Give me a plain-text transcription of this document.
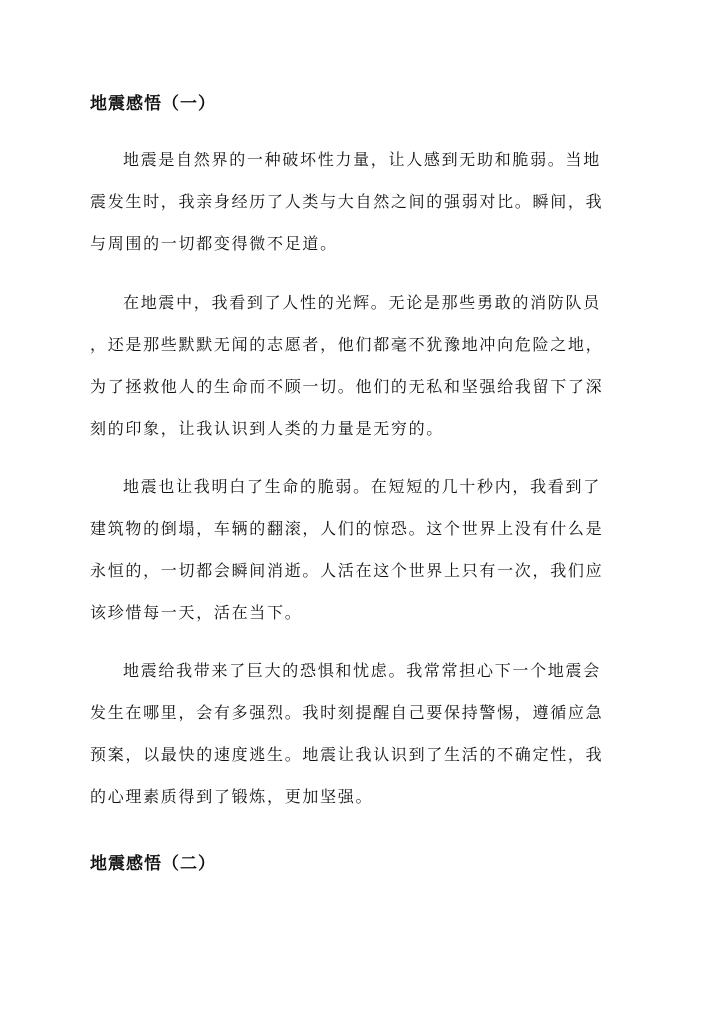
地震感悟（一）
地震是自然界的一种破坏性力量，让人感到无助和脆弱。当地
震发生时，我亲身经历了人类与大自然之间的强弱对比。瞬间，我
与周围的一切都变得微不足道。
在地震中，我看到了人性的光辉。无论是那些勇敢的消防队员
，还是那些默默无闻的志愿者，他们都毫不犹豫地冲向危险之地，
为了拯救他人的生命而不顾一切。他们的无私和坚强给我留下了深
刻的印象，让我认识到人类的力量是无穷的。
地震也让我明白了生命的脆弱。在短短的几十秒内，我看到了
建筑物的倒塌，车辆的翻滚，人们的惊恐。这个世界上没有什么是
永恒的，一切都会瞬间消逝。人活在这个世界上只有一次，我们应
该珍惜每一天，活在当下。
地震给我带来了巨大的恐惧和忧虑。我常常担心下一个地震会
发生在哪里，会有多强烈。我时刻提醒自己要保持警惕，遵循应急
预案，以最快的速度逃生。地震让我认识到了生活的不确定性，我
的心理素质得到了锻炼，更加坚强。
地震感悟（二）
